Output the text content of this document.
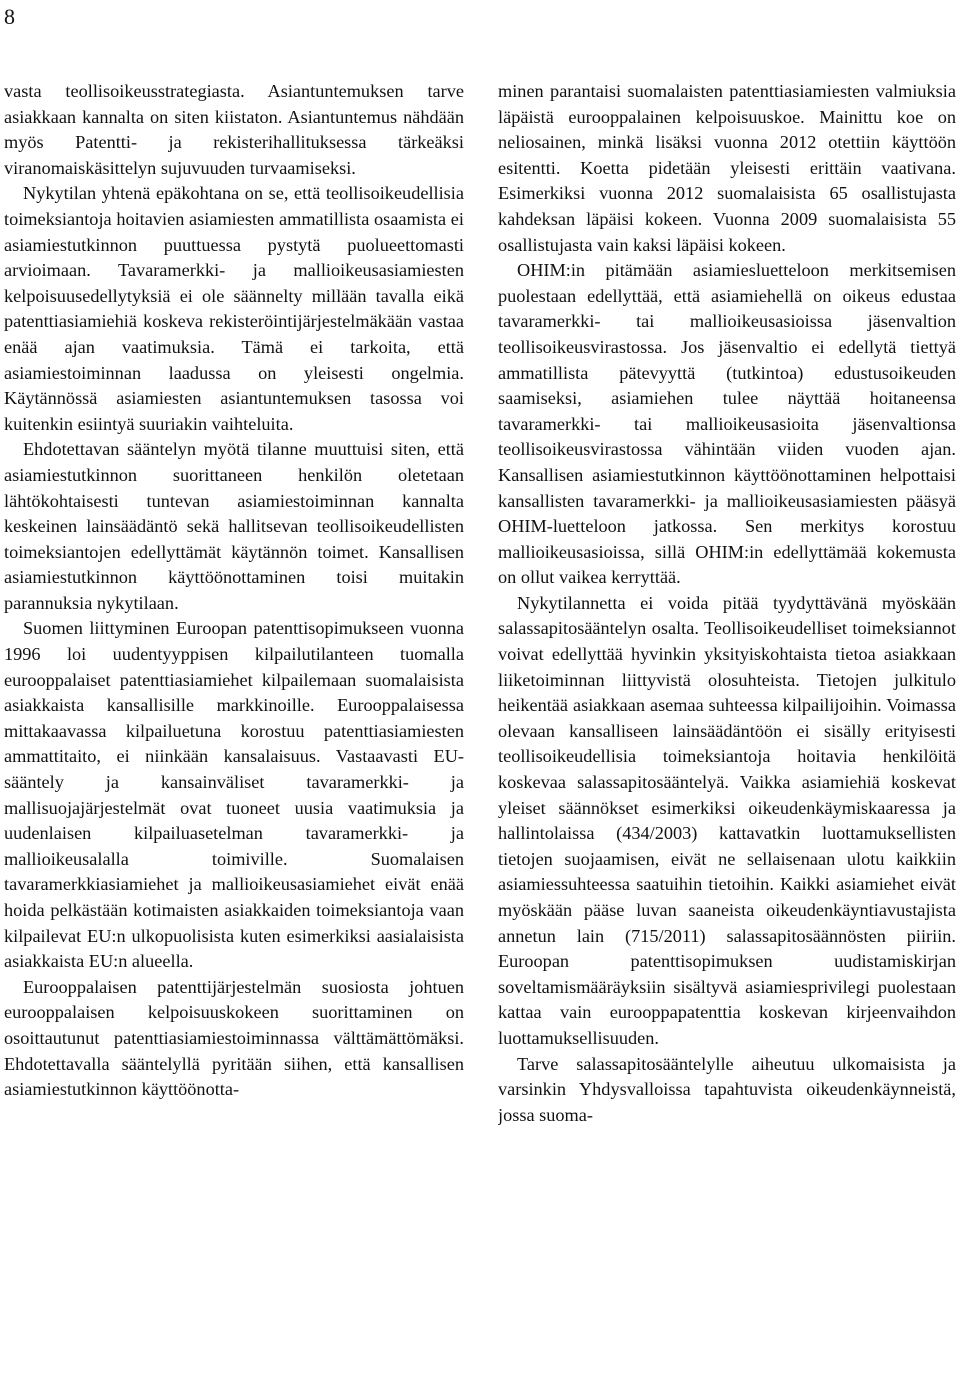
8

vasta teollisoikeusstrategiasta. Asiantuntemuksen tarve asiakkaan kannalta on siten kiistaton. Asiantuntemus nähdään myös Patentti- ja rekisterihallituksessa tärkeäksi viranomaiskäsittelyn sujuvuuden turvaamiseksi.

Nykytilan yhtenä epäkohtana on se, että teollisoikeudellisia toimeksiantoja hoitavien asiamiesten ammatillista osaamista ei asiamiestutkinnon puuttuessa pystytä puolueettomasti arvioimaan. Tavaramerkki- ja mallioikeusasiamiesten kelpoisuusedellytyksiä ei ole säännelty millään tavalla eikä patenttiasiamiehiä koskeva rekisteröintijärjestelmäkään vastaa enää ajan vaatimuksia. Tämä ei tarkoita, että asiamiestoiminnan laadussa on yleisesti ongelmia. Käytännössä asiamiesten asiantuntemuksen tasossa voi kuitenkin esiintyä suuriakin vaihteluita.

Ehdotettavan sääntelyn myötä tilanne muuttuisi siten, että asiamiestutkinnon suorittaneen henkilön oletetaan lähtökohtaisesti tuntevan asiamiestoiminnan kannalta keskeinen lainsäädäntö sekä hallitsevan teollisoikeudellisten toimeksiantojen edellyttämät käytännön toimet. Kansallisen asiamiestutkinnon käyttöönottaminen toisi muitakin parannuksia nykytilaan.

Suomen liittyminen Euroopan patenttisopimukseen vuonna 1996 loi uudentyyppisen kilpailutilanteen tuomalla eurooppalaiset patenttiasiamiehet kilpailemaan suomalaisista asiakkaista kansallisille markkinoille. Eurooppalaisessa mittakaavassa kilpailuetuna korostuu patenttiasiamiesten ammattitaito, ei niinkään kansalaisuus. Vastaavasti EU-sääntely ja kansainväliset tavaramerkki- ja mallisuojajärjestelmät ovat tuoneet uusia vaatimuksia ja uudenlaisen kilpailuasetelman tavaramerkki- ja mallioikeusalalla toimiville. Suomalaisen tavaramerkkiasiamiehet ja mallioikeusasiamiehet eivät enää hoida pelkästään kotimaisten asiakkaiden toimeksiantoja vaan kilpailevat EU:n ulkopuolisista kuten esimerkiksi aasialaisista asiakkaista EU:n alueella.

Eurooppalaisen patenttijärjestelmän suosiosta johtuen eurooppalaisen kelpoisuuskokeen suorittaminen on osoittautunut patenttiasiamiestoiminnassa välttämättömäksi. Ehdotettavalla sääntelyllä pyritään siihen, että kansallisen asiamiestutkinnon käyttöönotta-

minen parantaisi suomalaisten patenttiasiamiesten valmiuksia läpäistä eurooppalainen kelpoisuuskoe. Mainittu koe on neliosainen, minkä lisäksi vuonna 2012 otettiin käyttöön esitentti. Koetta pidetään yleisesti erittäin vaativana. Esimerkiksi vuonna 2012 suomalaisista 65 osallistujasta kahdeksan läpäisi kokeen. Vuonna 2009 suomalaisista 55 osallistujasta vain kaksi läpäisi kokeen.

OHIM:in pitämään asiamiesluetteloon merkitsemisen puolestaan edellyttää, että asiamiehellä on oikeus edustaa tavaramerkki- tai mallioikeusasioissa jäsenvaltion teollisoikeusvirastossa. Jos jäsenvaltio ei edellytä tiettyä ammatillista pätevyyttä (tutkintoa) edustusoikeuden saamiseksi, asiamiehen tulee näyttää hoitaneensa tavaramerkki- tai mallioikeusasioita jäsenvaltionsa teollisoikeusvirastossa vähintään viiden vuoden ajan. Kansallisen asiamiestutkinnon käyttöönottaminen helpottaisi kansallisten tavaramerkki- ja mallioikeusasiamiesten pääsyä OHIM-luetteloon jatkossa. Sen merkitys korostuu mallioikeusasioissa, sillä OHIM:in edellyttämää kokemusta on ollut vaikea kerryttää.

Nykytilannetta ei voida pitää tyydyttävänä myöskään salassapitosääntelyn osalta. Teollisoikeudelliset toimeksiannot voivat edellyttää hyvinkin yksityiskohtaista tietoa asiakkaan liiketoiminnan liittyvistä olosuhteista. Tietojen julkitulo heikentää asiakkaan asemaa suhteessa kilpailijoihin. Voimassa olevaan kansalliseen lainsäädäntöön ei sisälly erityisesti teollisoikeudellisia toimeksiantoja hoitavia henkilöitä koskevaa salassapitosääntelyä. Vaikka asiamiehiä koskevat yleiset säännökset esimerkiksi oikeudenkäymiskaaressa ja hallintolaissa (434/2003) kattavatkin luottamuksellisten tietojen suojaamisen, eivät ne sellaisenaan ulotu kaikkiin asiamiessuhteessa saatuihin tietoihin. Kaikki asiamiehet eivät myöskään pääse luvan saaneista oikeudenkäyntiavustajista annetun lain (715/2011) salassapitosäännösten piiriin. Euroopan patenttisopimuksen uudistamiskirjan soveltamismääräyksiin sisältyvä asiamiesprivilegi puolestaan kattaa vain eurooppapatenttia koskevan kirjeenvaihdon luottamuksellisuuden.

Tarve salassapitosääntelylle aiheutuu ulkomaisista ja varsinkin Yhdysvalloissa tapahtuvista oikeudenkäynneistä, jossa suoma-
